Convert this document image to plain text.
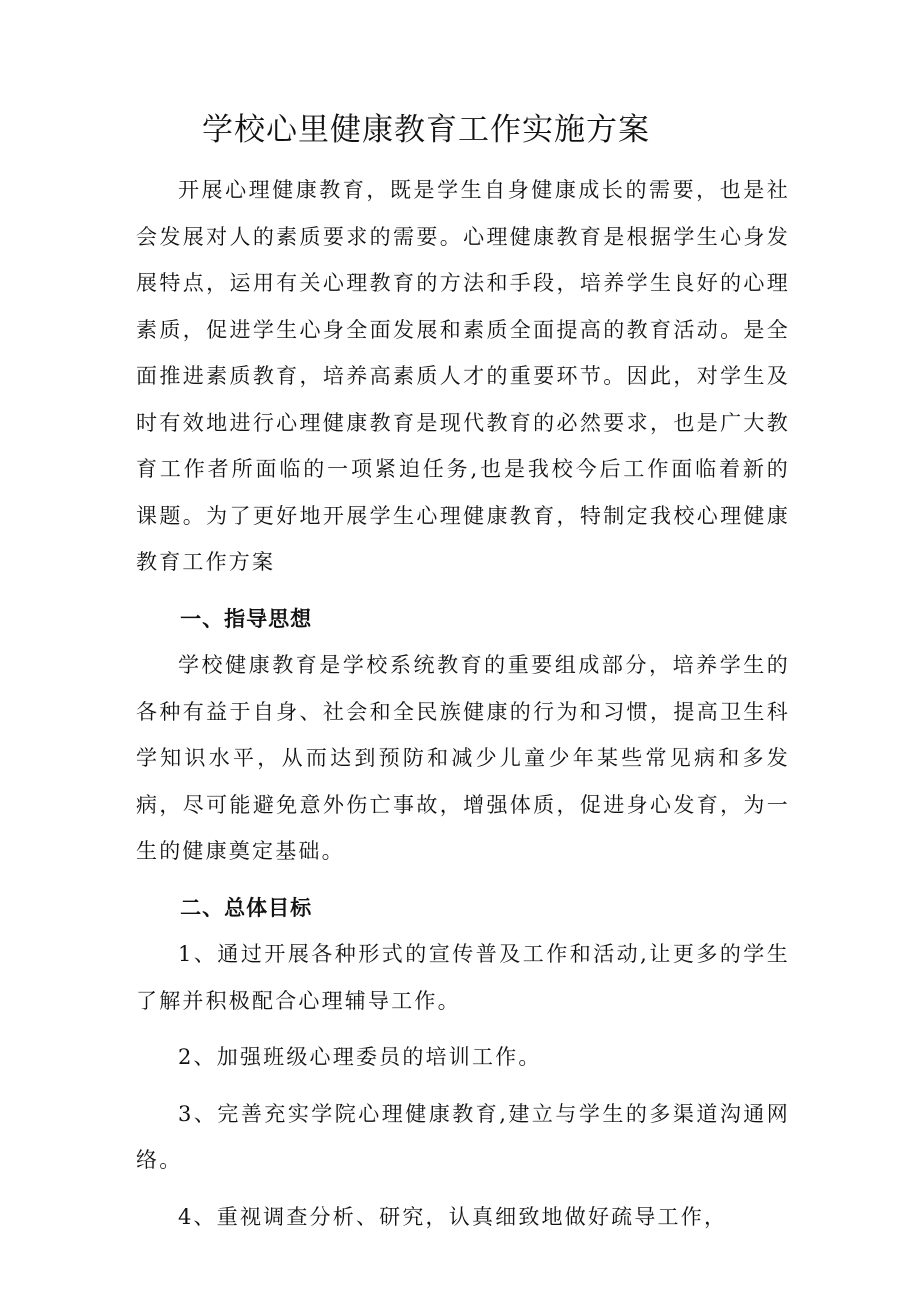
学校心里健康教育工作实施方案

开展心理健康教育，既是学生自身健康成长的需要，也是社会发展对人的素质要求的需要。心理健康教育是根据学生心身发展特点，运用有关心理教育的方法和手段，培养学生良好的心理素质，促进学生心身全面发展和素质全面提高的教育活动。是全面推进素质教育，培养高素质人才的重要环节。因此，对学生及时有效地进行心理健康教育是现代教育的必然要求，也是广大教育工作者所面临的一项紧迫任务,也是我校今后工作面临着新的课题。为了更好地开展学生心理健康教育，特制定我校心理健康教育工作方案

一、指导思想

学校健康教育是学校系统教育的重要组成部分，培养学生的各种有益于自身、社会和全民族健康的行为和习惯，提高卫生科学知识水平，从而达到预防和减少儿童少年某些常见病和多发病，尽可能避免意外伤亡事故，增强体质，促进身心发育，为一生的健康奠定基础。

二、总体目标

1、通过开展各种形式的宣传普及工作和活动,让更多的学生了解并积极配合心理辅导工作。

2、加强班级心理委员的培训工作。

3、完善充实学院心理健康教育,建立与学生的多渠道沟通网络。

4、重视调查分析、研究，认真细致地做好疏导工作，
